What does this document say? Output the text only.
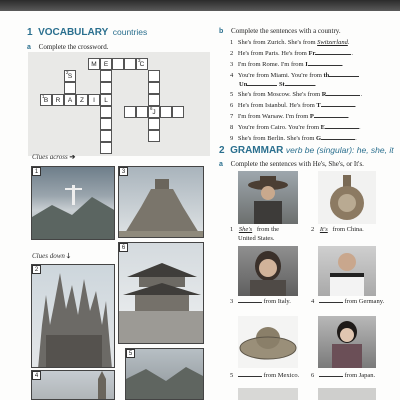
1 VOCABULARY countries
a Complete the crossword.
M	E
3
C
2
S
1
B	R	A	Z	I	L
6
J
Clues across ➔
1
Clues down 🡓
2
4
3
6
5
b Complete the sentences with a country.
1 She's from Zurich. She's from Switzerland.
2 He's from Paris. He's from Fr	.
3 I'm from Rome. I'm from I	.
4 You're from Miami. You're from th
Un	St	.
5 She's from Moscow. She's from R	.
6 He's from Istanbul. He's from T	.
7 I'm from Warsaw. I'm from P	.
8 You're from Cairo. You're from E	.
9 She's from Berlin. She's from G	.
2 GRAMMAR verb be (singular): he, she, it
a Complete the sentences with He's, She's, or It's.
1 She's from the
United States.
2 It's from China.
3	from Italy.	4	from Germany.
5	from Mexico. 6	from Japan.
